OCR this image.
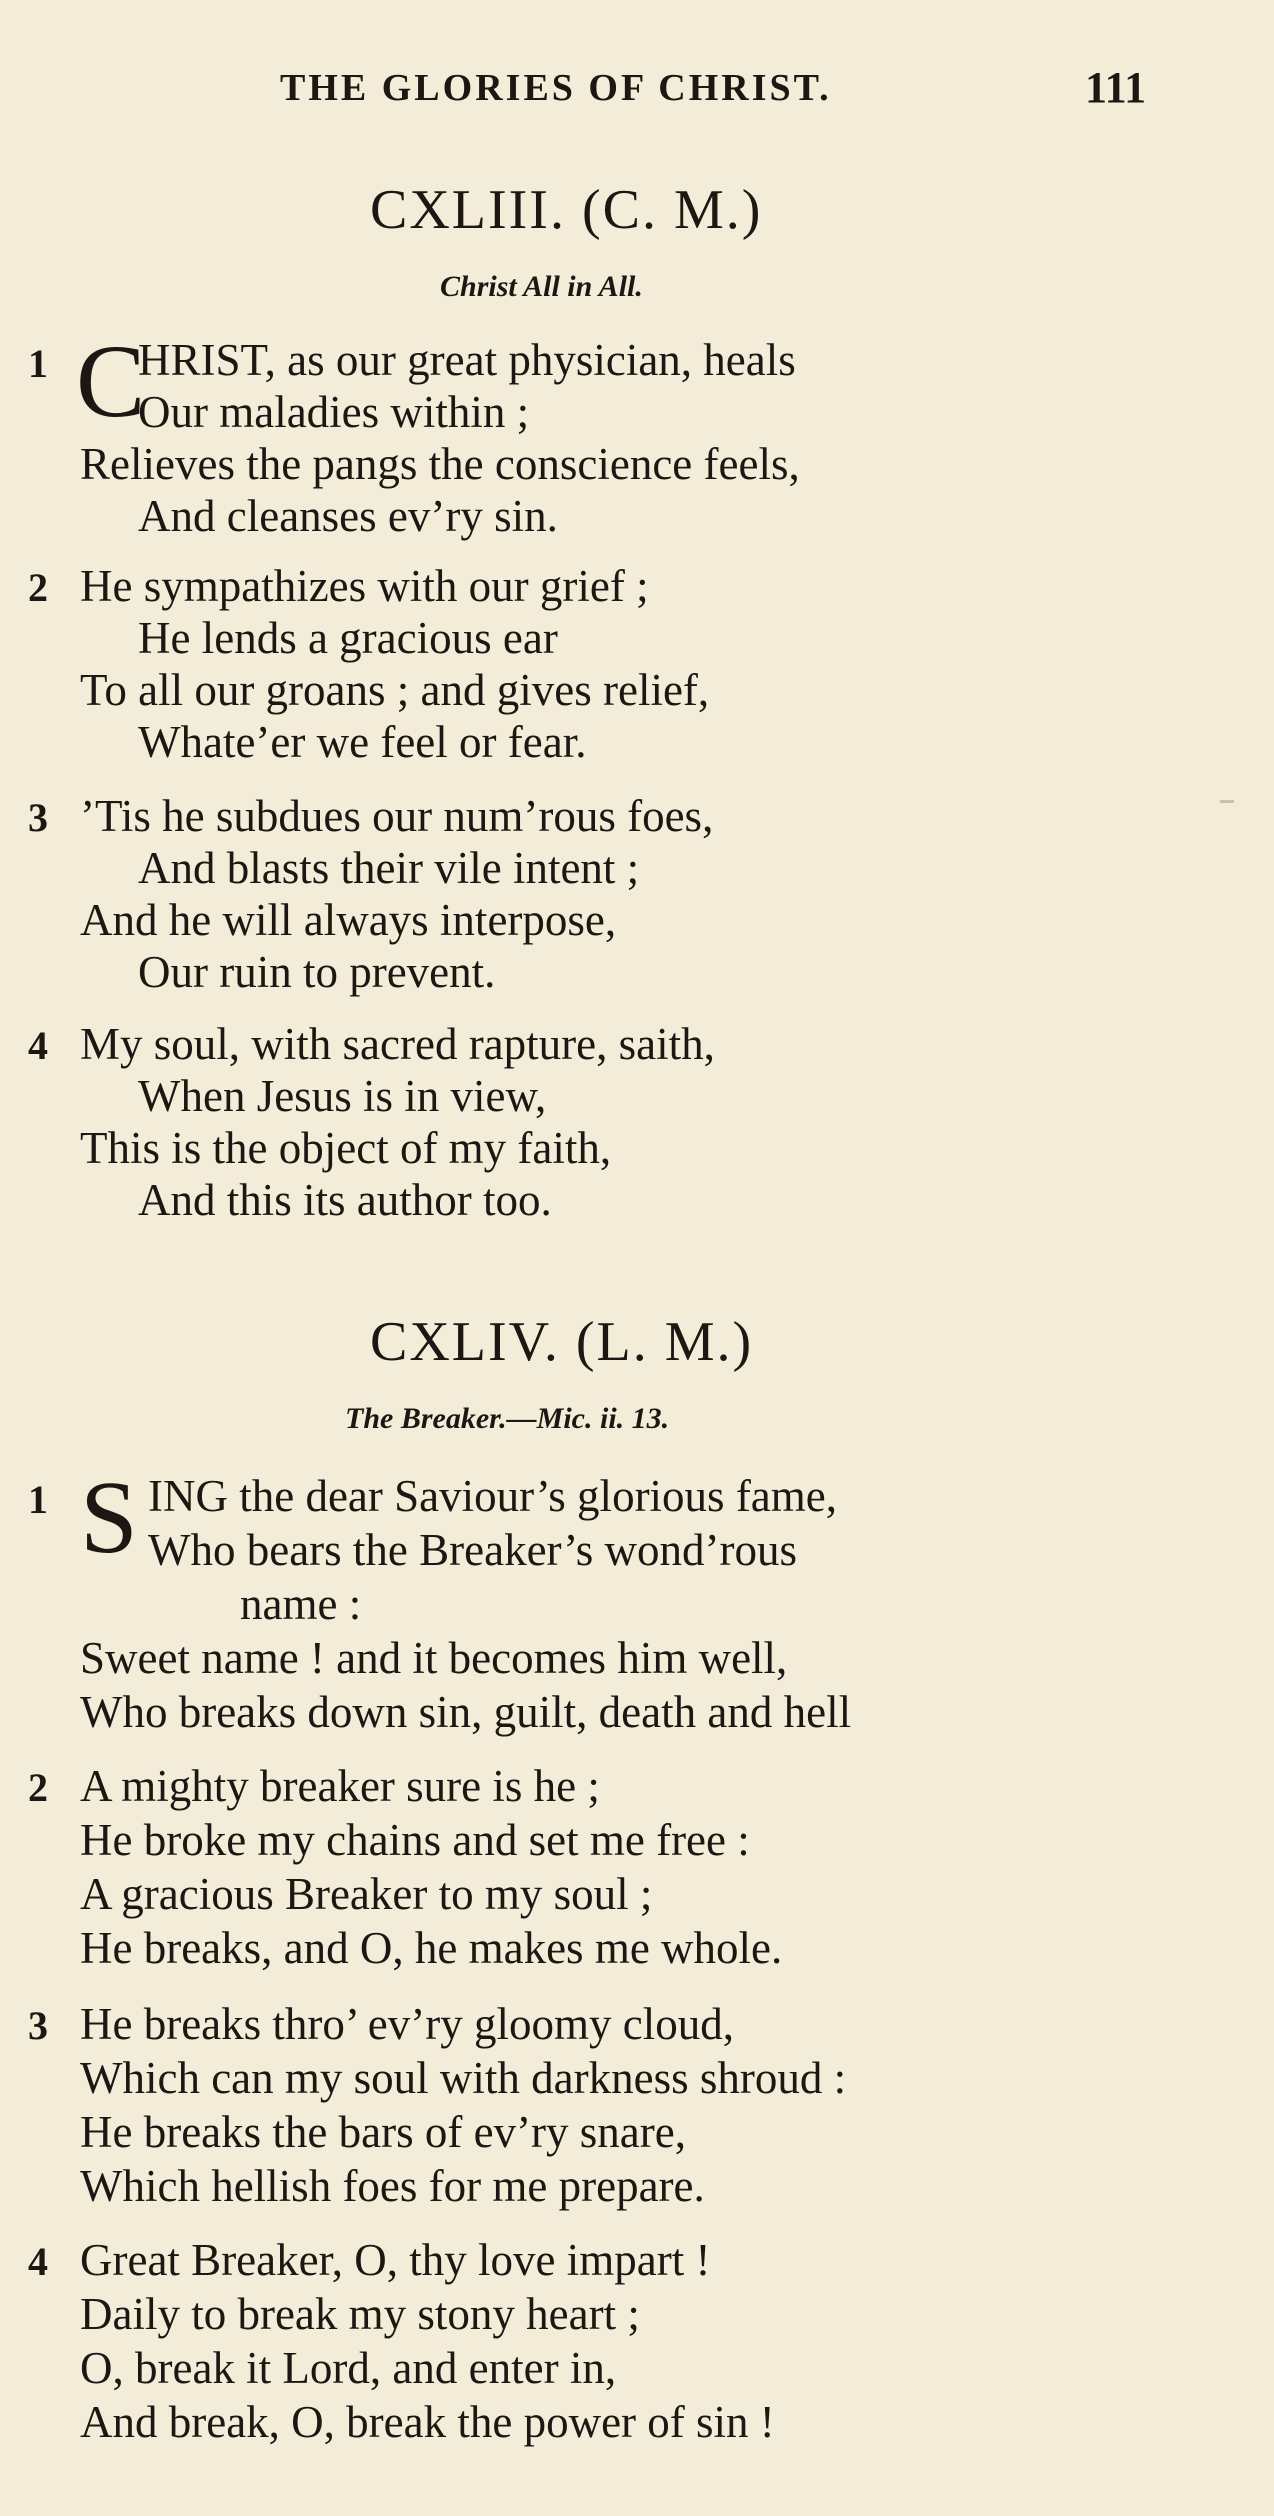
THE GLORIES OF CHRIST.	111
CXLIII. (C. M.)
Christ All in All.
1 C
HRIST, as our great physician, heals
Our maladies within ;
Relieves the pangs the conscience feels,
And cleanses ev’ry sin.
2 He sympathizes with our grief ;
He lends a gracious ear
To all our groans ; and gives relief,
Whate’er we feel or fear.
3 ’Tis he subdues our num’rous foes,
And blasts their vile intent ;
And he will always interpose,
Our ruin to prevent.
4 My soul, with sacred rapture, saith,
When Jesus is in view,
This is the object of my faith,
And this its author too.
CXLIV. (L. M.)
The Breaker.—Mic. ii. 13.
1 S ING the dear Saviour’s glorious fame,
Who bears the Breaker’s wond’rous
name :
Sweet name ! and it becomes him well,
Who breaks down sin, guilt, death and hell
2 A mighty breaker sure is he ;
He broke my chains and set me free :
A gracious Breaker to my soul ;
He breaks, and O, he makes me whole.
3 He breaks thro’ ev’ry gloomy cloud,
Which can my soul with darkness shroud :
He breaks the bars of ev’ry snare,
Which hellish foes for me prepare.
4 Great Breaker, O, thy love impart !
Daily to break my stony heart ;
O, break it Lord, and enter in,
And break, O, break the power of sin !
